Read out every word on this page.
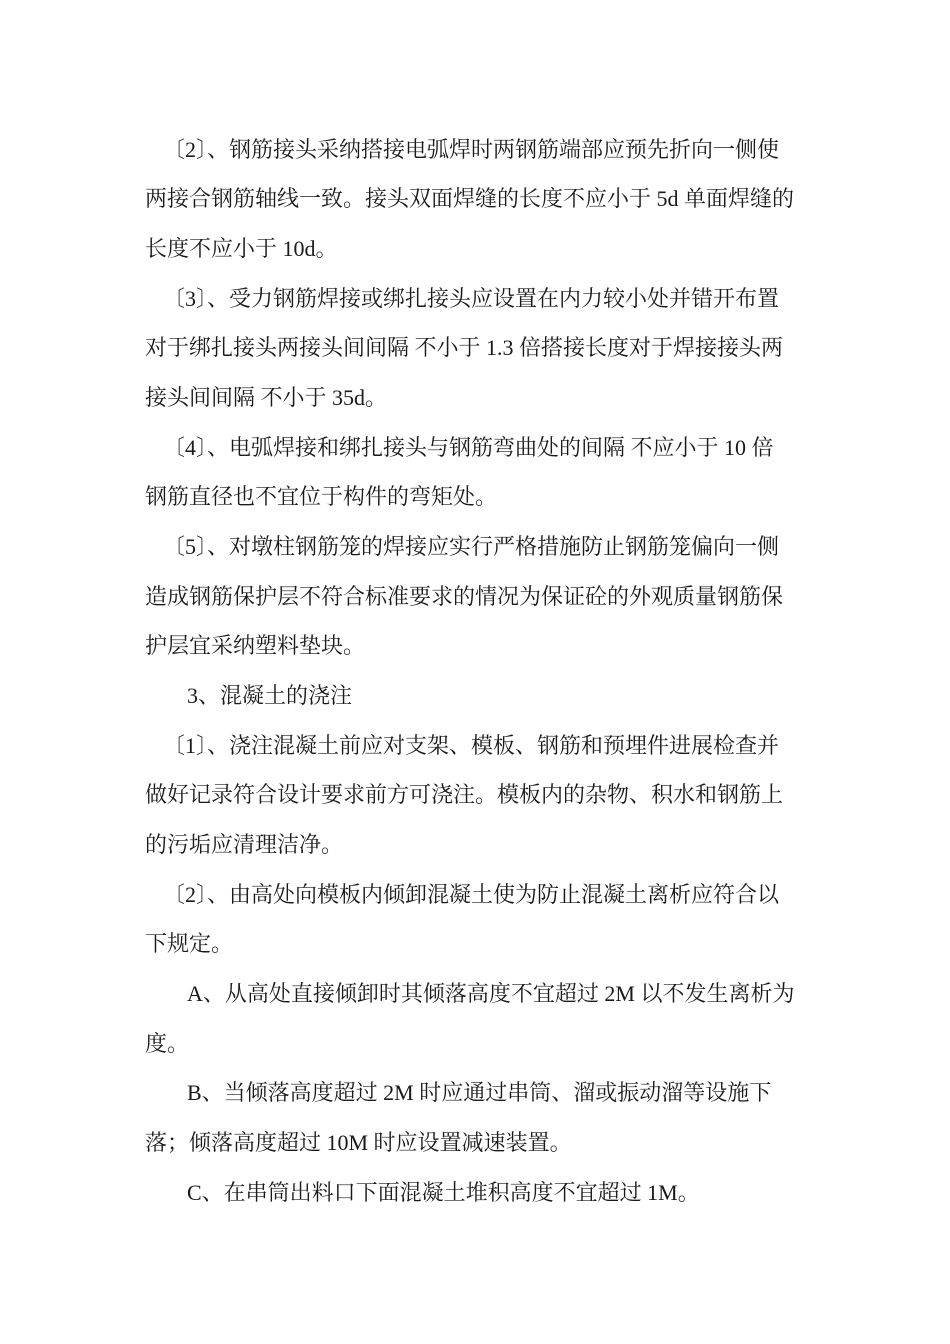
〔2〕、钢筋接头采纳搭接电弧焊时两钢筋端部应预先折向一侧使
两接合钢筋轴线一致。接头双面焊缝的长度不应小于 5d 单面焊缝的
长度不应小于 10d。
〔3〕、受力钢筋焊接或绑扎接头应设置在内力较小处并错开布置
对于绑扎接头两接头间间隔 不小于 1.3 倍搭接长度对于焊接接头两
接头间间隔 不小于 35d。
〔4〕、电弧焊接和绑扎接头与钢筋弯曲处的间隔 不应小于 10 倍
钢筋直径也不宜位于构件的弯矩处。
〔5〕、对墩柱钢筋笼的焊接应实行严格措施防止钢筋笼偏向一侧
造成钢筋保护层不符合标准要求的情况为保证砼的外观质量钢筋保
护层宜采纳塑料垫块。
3、混凝土的浇注
〔1〕、浇注混凝土前应对支架、模板、钢筋和预埋件进展检查并
做好记录符合设计要求前方可浇注。模板内的杂物、积水和钢筋上
的污垢应清理洁净。
〔2〕、由高处向模板内倾卸混凝土使为防止混凝土离析应符合以
下规定。
A、从高处直接倾卸时其倾落高度不宜超过 2M 以不发生离析为
度。
B、当倾落高度超过 2M 时应通过串筒、溜或振动溜等设施下
落；倾落高度超过 10M 时应设置减速装置。
C、在串筒出料口下面混凝土堆积高度不宜超过 1M。
